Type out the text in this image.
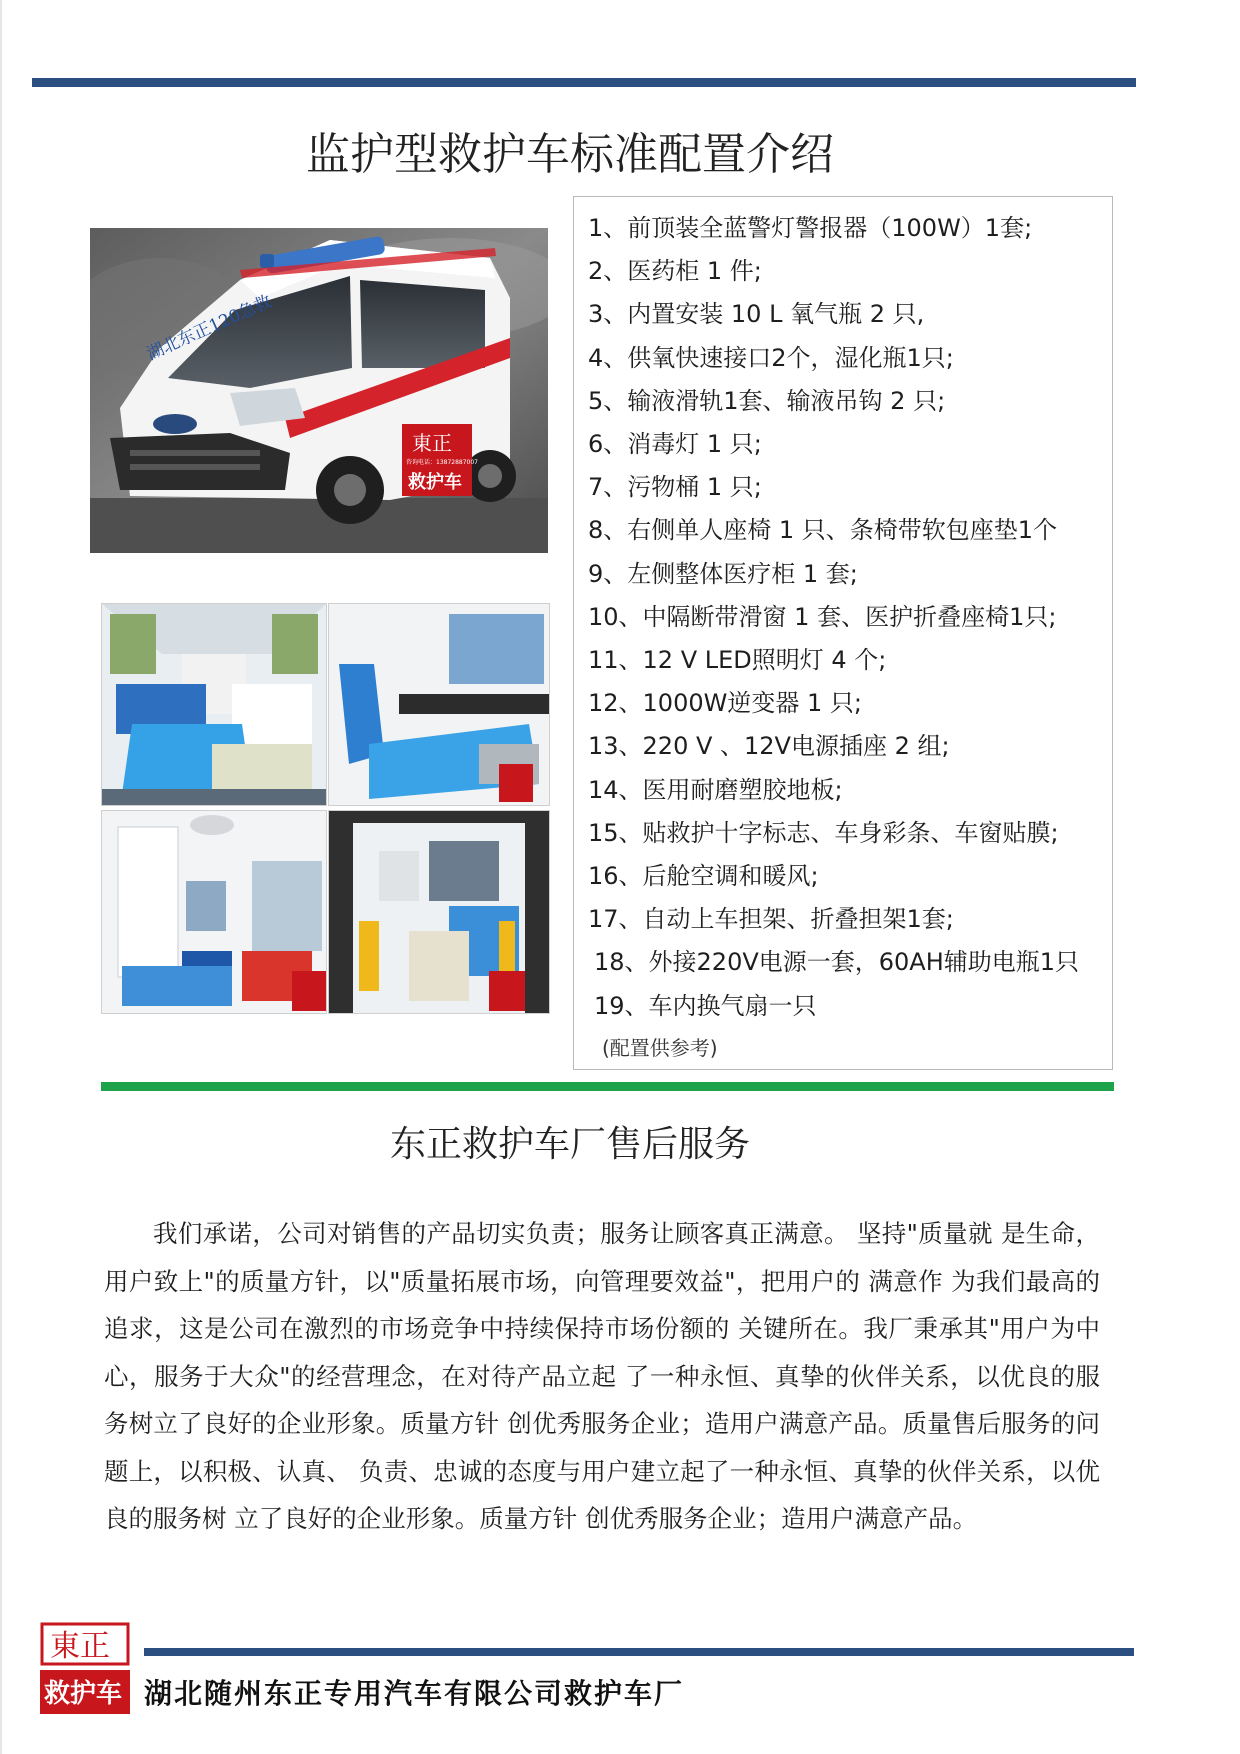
监护型救护车标准配置介绍
湖北东正120急救
東正
咨询电话：13872887007
救护车
1、前顶装全蓝警灯警报器（100W）1套;
2、医药柜 1 件;
3、内置安装 10 L 氧气瓶 2 只,
4、供氧快速接口2个，湿化瓶1只;
5、输液滑轨1套、输液吊钩 2 只;
6、消毒灯 1 只;
7、污物桶 1 只;
8、右侧单人座椅 1 只、条椅带软包座垫1个
9、左侧整体医疗柜 1 套;
10、中隔断带滑窗 1 套、医护折叠座椅1只;
11、12 V LED照明灯 4 个;
12、1000W逆变器 1 只;
13、220 V 、12V电源插座 2 组;
14、医用耐磨塑胶地板;
15、贴救护十字标志、车身彩条、车窗贴膜;
16、后舱空调和暖风;
17、自动上车担架、折叠担架1套;
18、外接220V电源一套，60AH辅助电瓶1只
19、车内换气扇一只
(配置供参考)
东正救护车厂售后服务

我们承诺，公司对销售的产品切实负责；服务让顾客真正满意。 坚持"质量就 是生命，用户致上"的质量方针，以"质量拓展市场，向管理要效益"，把用户的 满意作 为我们最高的追求，这是公司在激烈的市场竞争中持续保持市场份额的 关键所在。我厂秉承其"用户为中心，服务于大众"的经营理念，在对待产品立起 了一种永恒、真挚的伙伴关系，以优良的服务树立了良好的企业形象。质量方针 创优秀服务企业；造用户满意产品。质量售后服务的问题上，以积极、认真、 负责、忠诚的态度与用户建立起了一种永恒、真挚的伙伴关系，以优良的服务树 立了良好的企业形象。质量方针 创优秀服务企业；造用户满意产品。

東正
救护车 湖北随州东正专用汽车有限公司救护车厂
